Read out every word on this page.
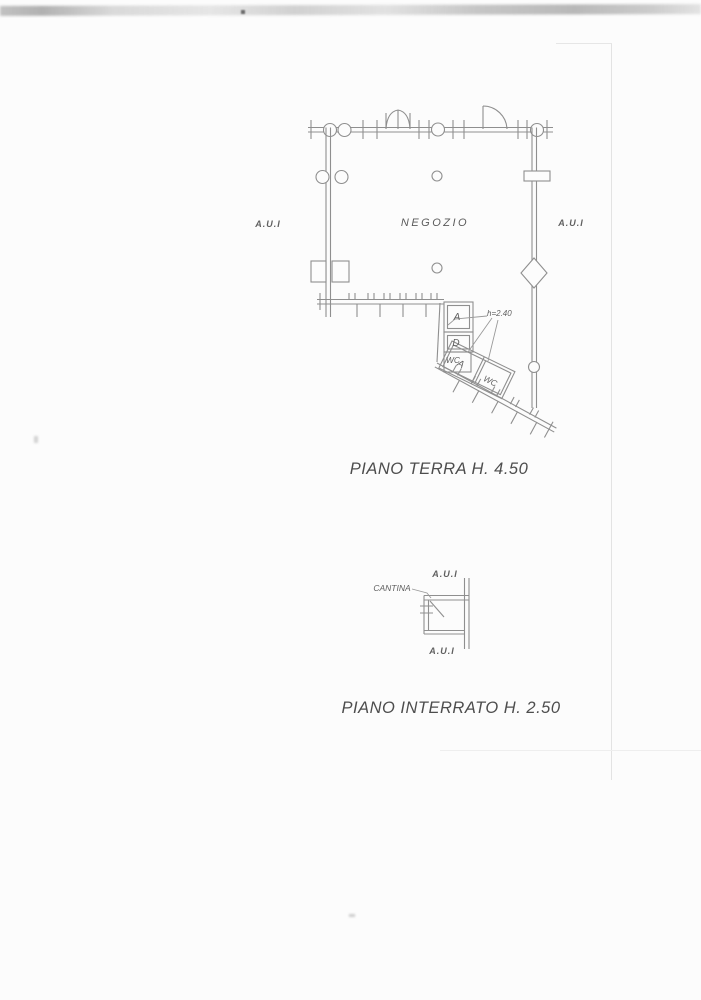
A
WC
NEGOZIO
A.U.I	A.U.I
A
D
WC
h=2.40
PIANO TERRA H. 4.50
A.U.I
CANTINA
A.U.I
PIANO INTERRATO H. 2.50
